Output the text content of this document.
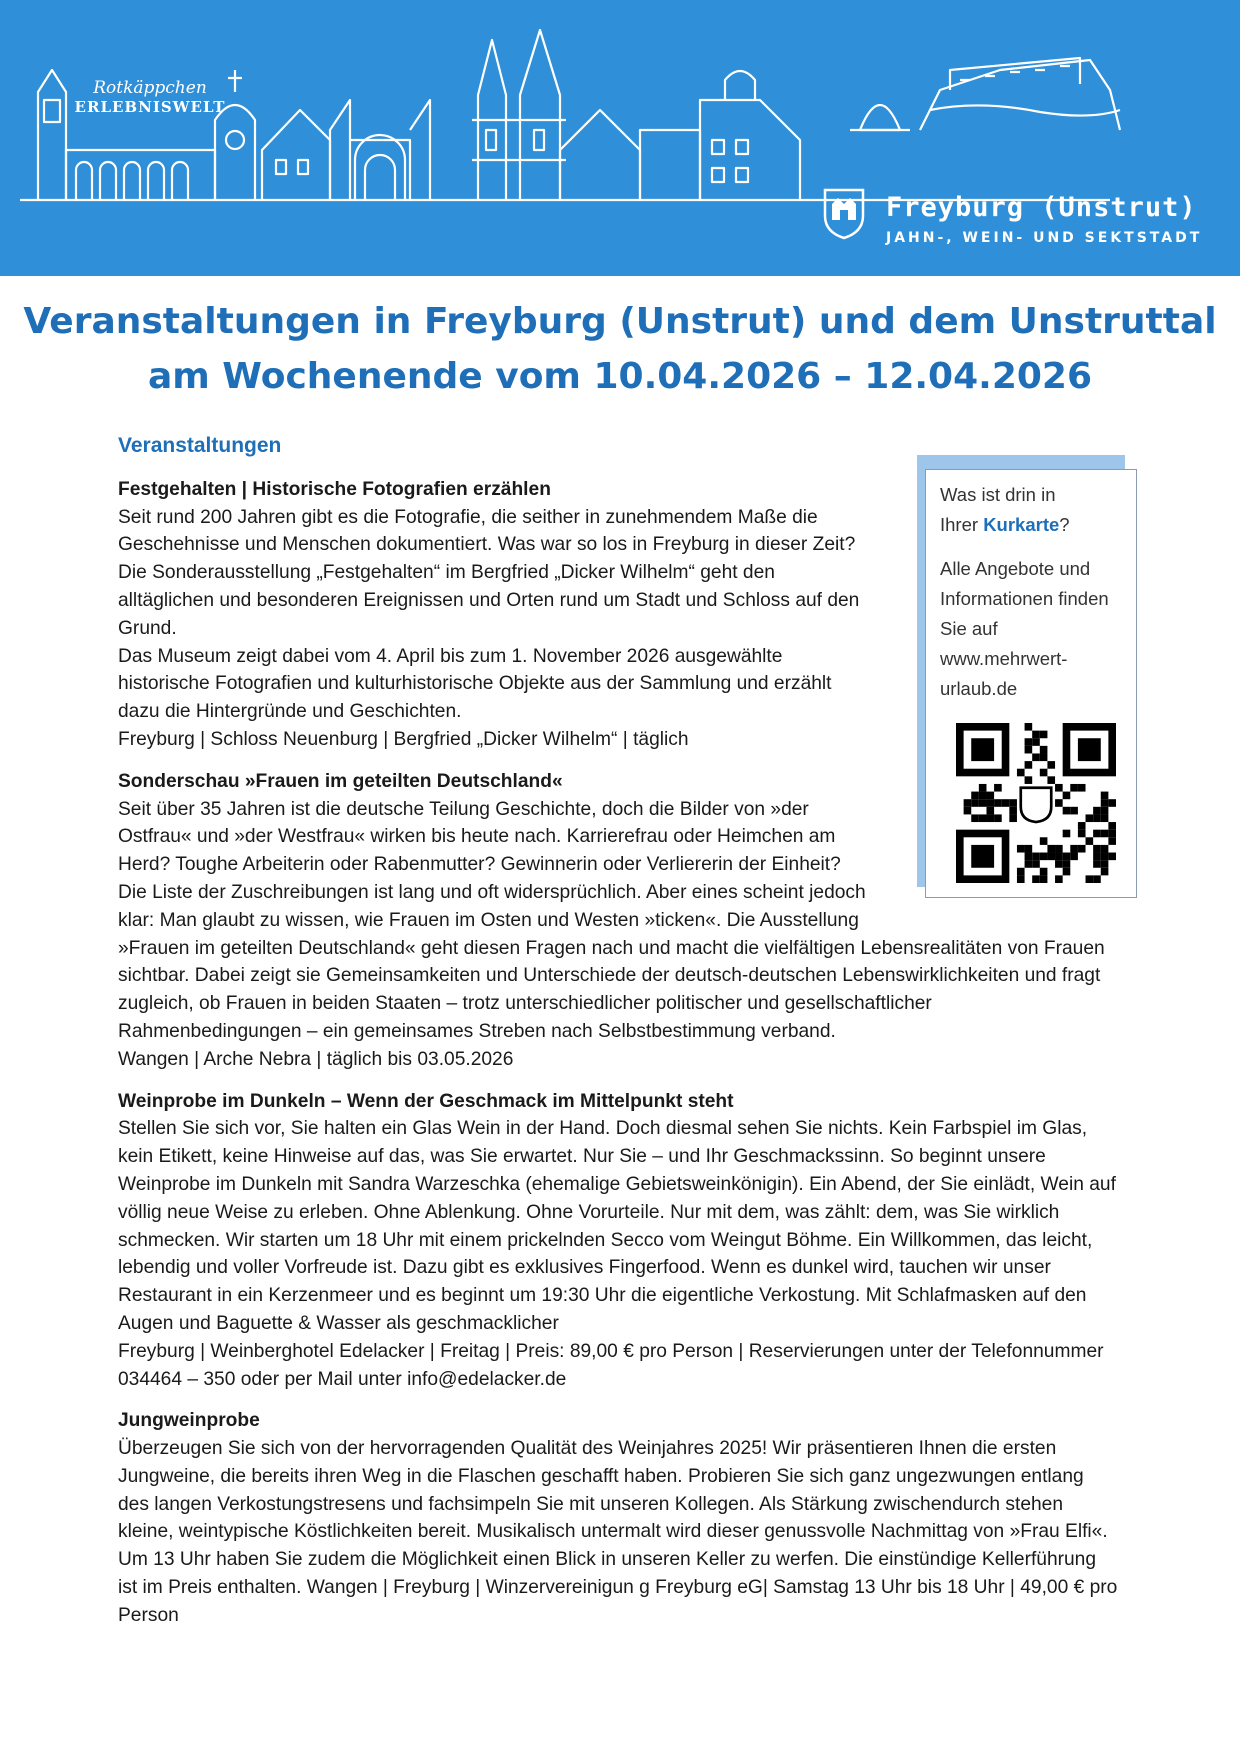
Rotkäppchen
ERLEBNISWELT
Freyburg (Unstrut)
JAHN-, WEIN- UND SEKTSTADT
Veranstaltungen in Freyburg (Unstrut) und dem Unstruttal
am Wochenende vom 10.04.2026 – 12.04.2026

Was ist drin in
Ihrer Kurkarte?

Alle Angebote und Informationen finden Sie auf www.mehrwert-urlaub.de

Veranstaltungen
Festgehalten | Historische Fotografien erzählen

Seit rund 200 Jahren gibt es die Fotografie, die seither in zunehmendem Maße die Geschehnisse und Menschen dokumentiert. Was war so los in Freyburg in dieser Zeit?

Die Sonderausstellung „Festgehalten“ im Bergfried „Dicker Wilhelm“ geht den alltäglichen und besonderen Ereignissen und Orten rund um Stadt und Schloss auf den Grund.

Das Museum zeigt dabei vom 4. April bis zum 1. November 2026 ausgewählte historische Fotografien und kulturhistorische Objekte aus der Sammlung und erzählt dazu die Hintergründe und Geschichten.

Freyburg | Schloss Neuenburg | Bergfried „Dicker Wilhelm“ | täglich

Sonderschau »Frauen im geteilten Deutschland«

Seit über 35 Jahren ist die deutsche Teilung Geschichte, doch die Bilder von »der Ostfrau« und »der Westfrau« wirken bis heute nach. Karrierefrau oder Heimchen am Herd? Toughe Arbeiterin oder Rabenmutter? Gewinnerin oder Verliererin der Einheit? Die Liste der Zuschreibungen ist lang und oft widersprüchlich. Aber eines scheint jedoch klar: Man glaubt zu wissen, wie Frauen im Osten und Westen »ticken«. Die Ausstellung »Frauen im geteilten Deutschland« geht diesen Fragen nach und macht die vielfältigen Lebensrealitäten von Frauen sichtbar. Dabei zeigt sie Gemeinsamkeiten und Unterschiede der deutsch-deutschen Lebenswirklichkeiten und fragt zugleich, ob Frauen in beiden Staaten – trotz unterschiedlicher politischer und gesellschaftlicher Rahmenbedingungen – ein gemeinsames Streben nach Selbstbestimmung verband.

Wangen | Arche Nebra | täglich bis 03.05.2026

Weinprobe im Dunkeln – Wenn der Geschmack im Mittelpunkt steht

Stellen Sie sich vor, Sie halten ein Glas Wein in der Hand. Doch diesmal sehen Sie nichts. Kein Farbspiel im Glas, kein Etikett, keine Hinweise auf das, was Sie erwartet. Nur Sie – und Ihr Geschmackssinn. So beginnt unsere Weinprobe im Dunkeln mit Sandra Warzeschka (ehemalige Gebietsweinkönigin). Ein Abend, der Sie einlädt, Wein auf völlig neue Weise zu erleben. Ohne Ablenkung. Ohne Vorurteile. Nur mit dem, was zählt: dem, was Sie wirklich schmecken. Wir starten um 18 Uhr mit einem prickelnden Secco vom Weingut Böhme. Ein Willkommen, das leicht, lebendig und voller Vorfreude ist. Dazu gibt es exklusives Fingerfood. Wenn es dunkel wird, tauchen wir unser Restaurant in ein Kerzenmeer und es beginnt um 19:30 Uhr die eigentliche Verkostung. Mit Schlafmasken auf den Augen und Baguette & Wasser als geschmacklicher

Freyburg | Weinberghotel Edelacker | Freitag | Preis: 89,00 € pro Person | Reservierungen unter der Telefonnummer 034464 – 350 oder per Mail unter info@edelacker.de

Jungweinprobe

Überzeugen Sie sich von der hervorragenden Qualität des Weinjahres 2025! Wir präsentieren Ihnen die ersten Jungweine, die bereits ihren Weg in die Flaschen geschafft haben. Probieren Sie sich ganz ungezwungen entlang des langen Verkostungstresens und fachsimpeln Sie mit unseren Kollegen. Als Stärkung zwischendurch stehen kleine, weintypische Köstlichkeiten bereit. Musikalisch untermalt wird dieser genussvolle Nachmittag von »Frau Elfi«. Um 13 Uhr haben Sie zudem die Möglichkeit einen Blick in unseren Keller zu werfen. Die einstündige Kellerführung ist im Preis enthalten. Wangen | Freyburg | Winzervereinigun g Freyburg eG| Samstag 13 Uhr bis 18 Uhr | 49,00 € pro Person
